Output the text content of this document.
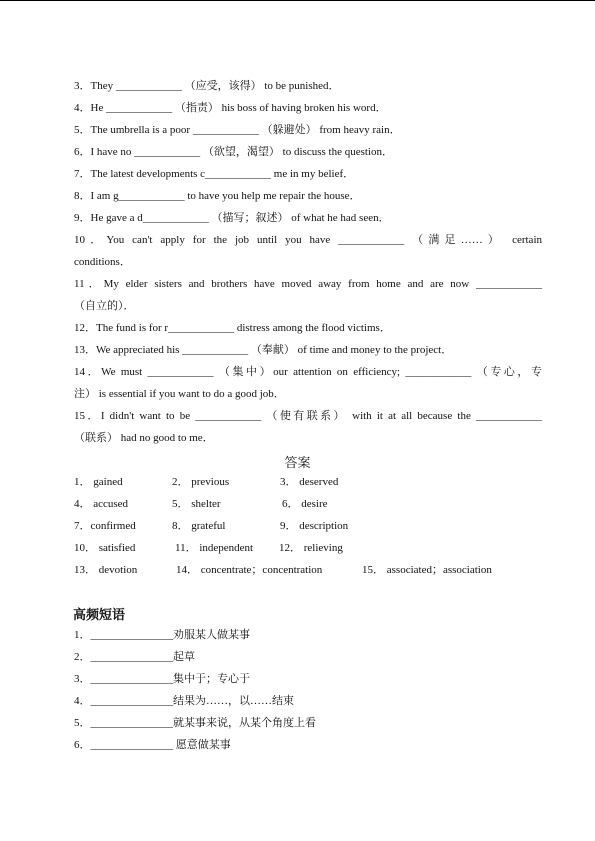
3．They ____________ （应受，该得） to be punished．
4．He ____________ （指责） his boss of having broken his word．
5．The umbrella is a poor ____________ （躲避处） from heavy rain．
6．I have no ____________ （欲望，渴望） to discuss the question．
7．The latest developments c____________ me in my belief．
8．I am g____________ to have you help me repair the house．
9．He gave a d____________ （描写；叙述） of what he had seen．
10．You can't apply for the job until you have ____________ （满足……） certain
conditions．
11．My elder sisters and brothers have moved away from home and are now ____________
（自立的）．
12．The fund is for r____________ distress among the flood victims．
13．We appreciated his ____________ （奉献） of time and money to the project．
14．We must ____________ （集中）our attention on efficiency; ____________ （专心，专
注） is essential if you want to do a good job．
15．I didn't want to be ____________ （使有联系） with it at all because the ____________
（联系） had no good to me．
答案
1． gained	2． previous	3． deserved
4． accused	5． shelter	6． desire
7．confirmed	8． grateful	9． description
10． satisfied	11． independent 12． relieving
13． devotion	14． concentrate；concentration	15． associated；association
高频短语
1．_______________劝服某人做某事
2．_______________起草
3．_______________集中于；专心于
4．_______________结果为……，以……结束
5．_______________就某事来说，从某个角度上看
6．_______________ 愿意做某事
